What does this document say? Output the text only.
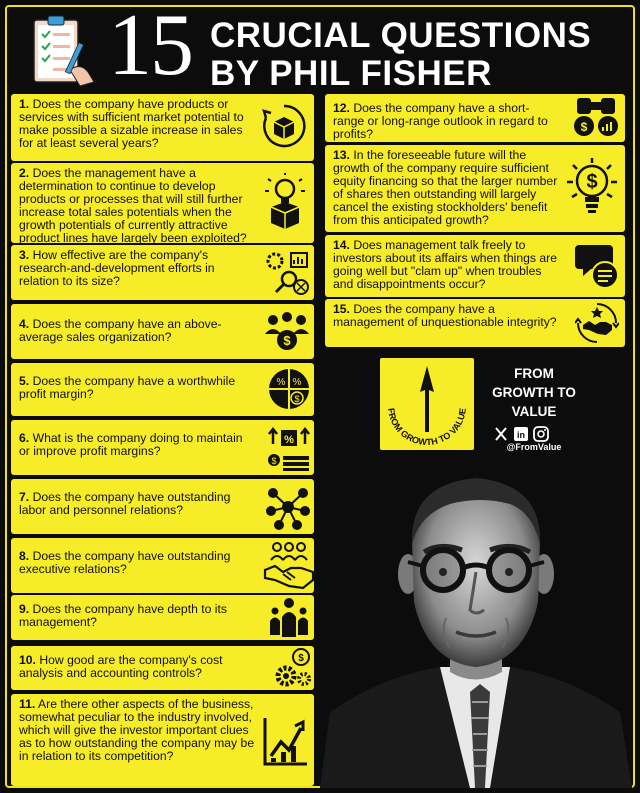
15 CRUCIAL QUESTIONS
BY PHIL FISHER
1. Does the company have products or services with sufficient market potential to make possible a sizable increase in sales for at least several years?
2. Does the management have a determination to continue to develop products or processes that will still further increase total sales potentials when the growth potentials of currently attractive product lines have largely been exploited?
3. How effective are the company's research-and-development efforts in relation to its size?
4. Does the company have an above-average sales organization?	$
5. Does the company have a worthwhile profit margin?
% %
$
6. What is the company doing to maintain or improve profit margins?
%
$
7. Does the company have outstanding labor and personnel relations?
8. Does the company have outstanding executive relations?
9. Does the company have depth to its management?
10. How good are the company's cost analysis and accounting controls?
$
11. Are there other aspects of the business, somewhat peculiar to the industry involved, which will give the investor important clues as to how outstanding the company may be in relation to its competition?
12. Does the company have a short-range or long-range outlook in regard to profits?	$
13. In the foreseeable future will the growth of the company require sufficient equity financing so that the larger number of shares then outstanding will largely cancel the existing stockholders' benefit from this anticipated growth?
$
14. Does management talk freely to investors about its affairs when things are going well but "clam up" when troubles and disappointments occur?
15. Does the company have a management of unquestionable integrity?
FROM GROWTH TO VALUE
FROM
GROWTH TO
VALUE
in
@FromValue
